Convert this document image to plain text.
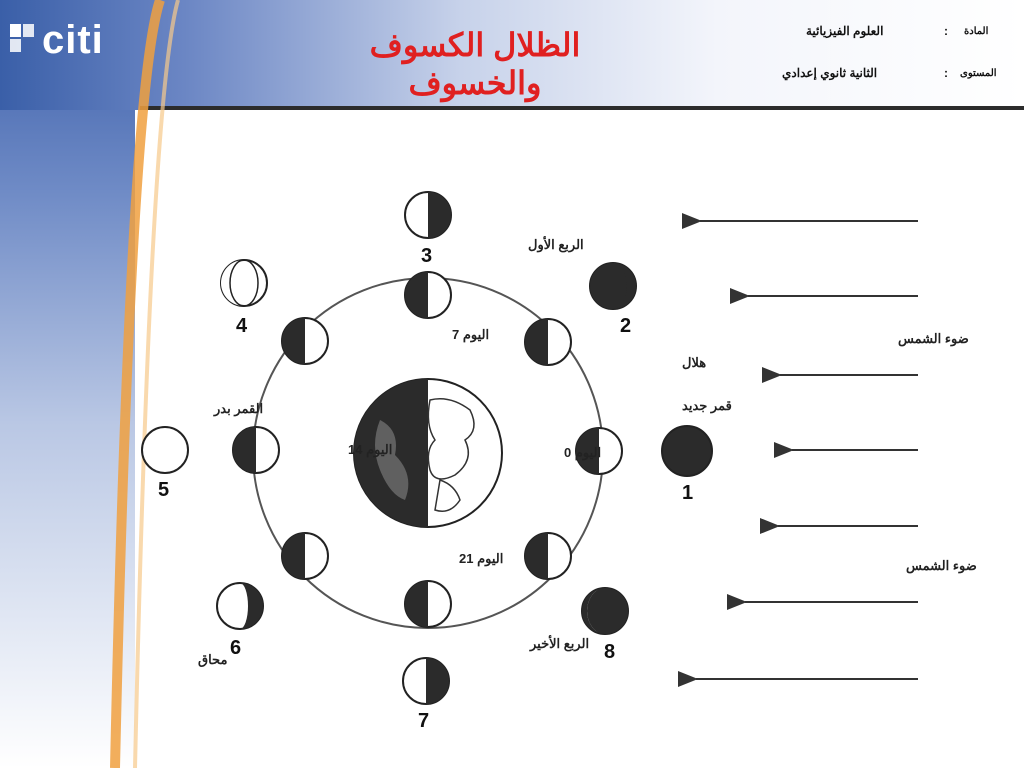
citi	الظلال الكسوف والخسوف
المادة
:
العلوم الفيزيائية
المستوى
:
الثانية ثانوي إعدادي
الربع الأول
اليوم 7
هلال
قمر جديد
اليوم 0
اليوم 14
القمر بدر
اليوم 21
الربع الأخير
محاق
ضوء الشمس
ضوء الشمس
1
2
3
4
5
6
7
8
